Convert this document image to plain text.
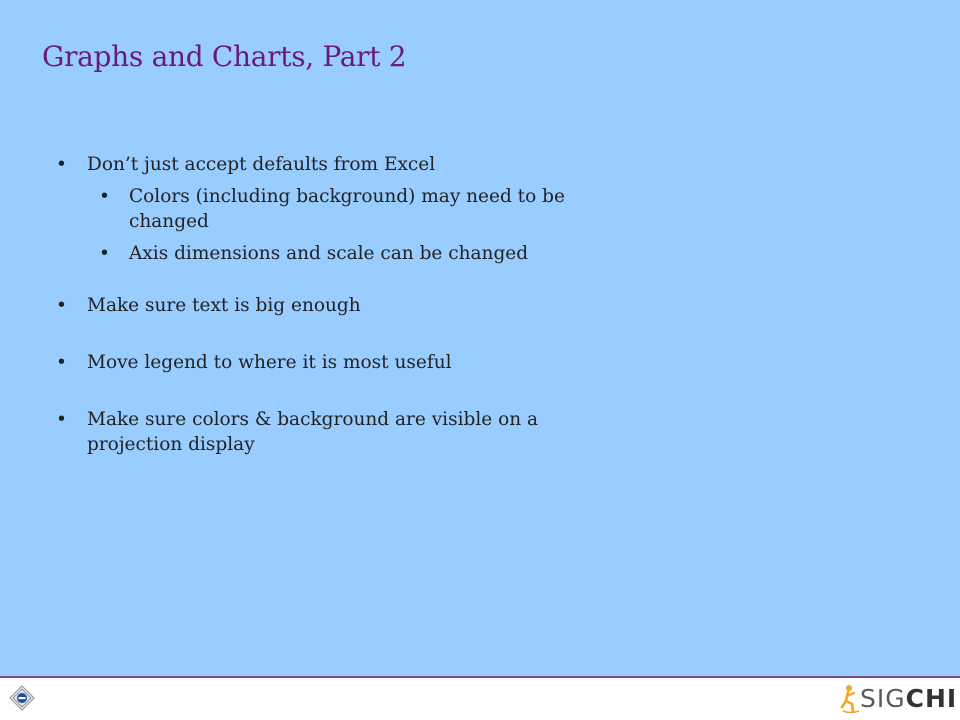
Graphs and Charts, Part 2
• Don’t just accept defaults from Excel
• Colors (including background) may need to be changed
• Axis dimensions and scale can be changed
• Make sure text is big enough
• Move legend to where it is most useful
• Make sure colors & background are visible on a projection display
SIGCHI
